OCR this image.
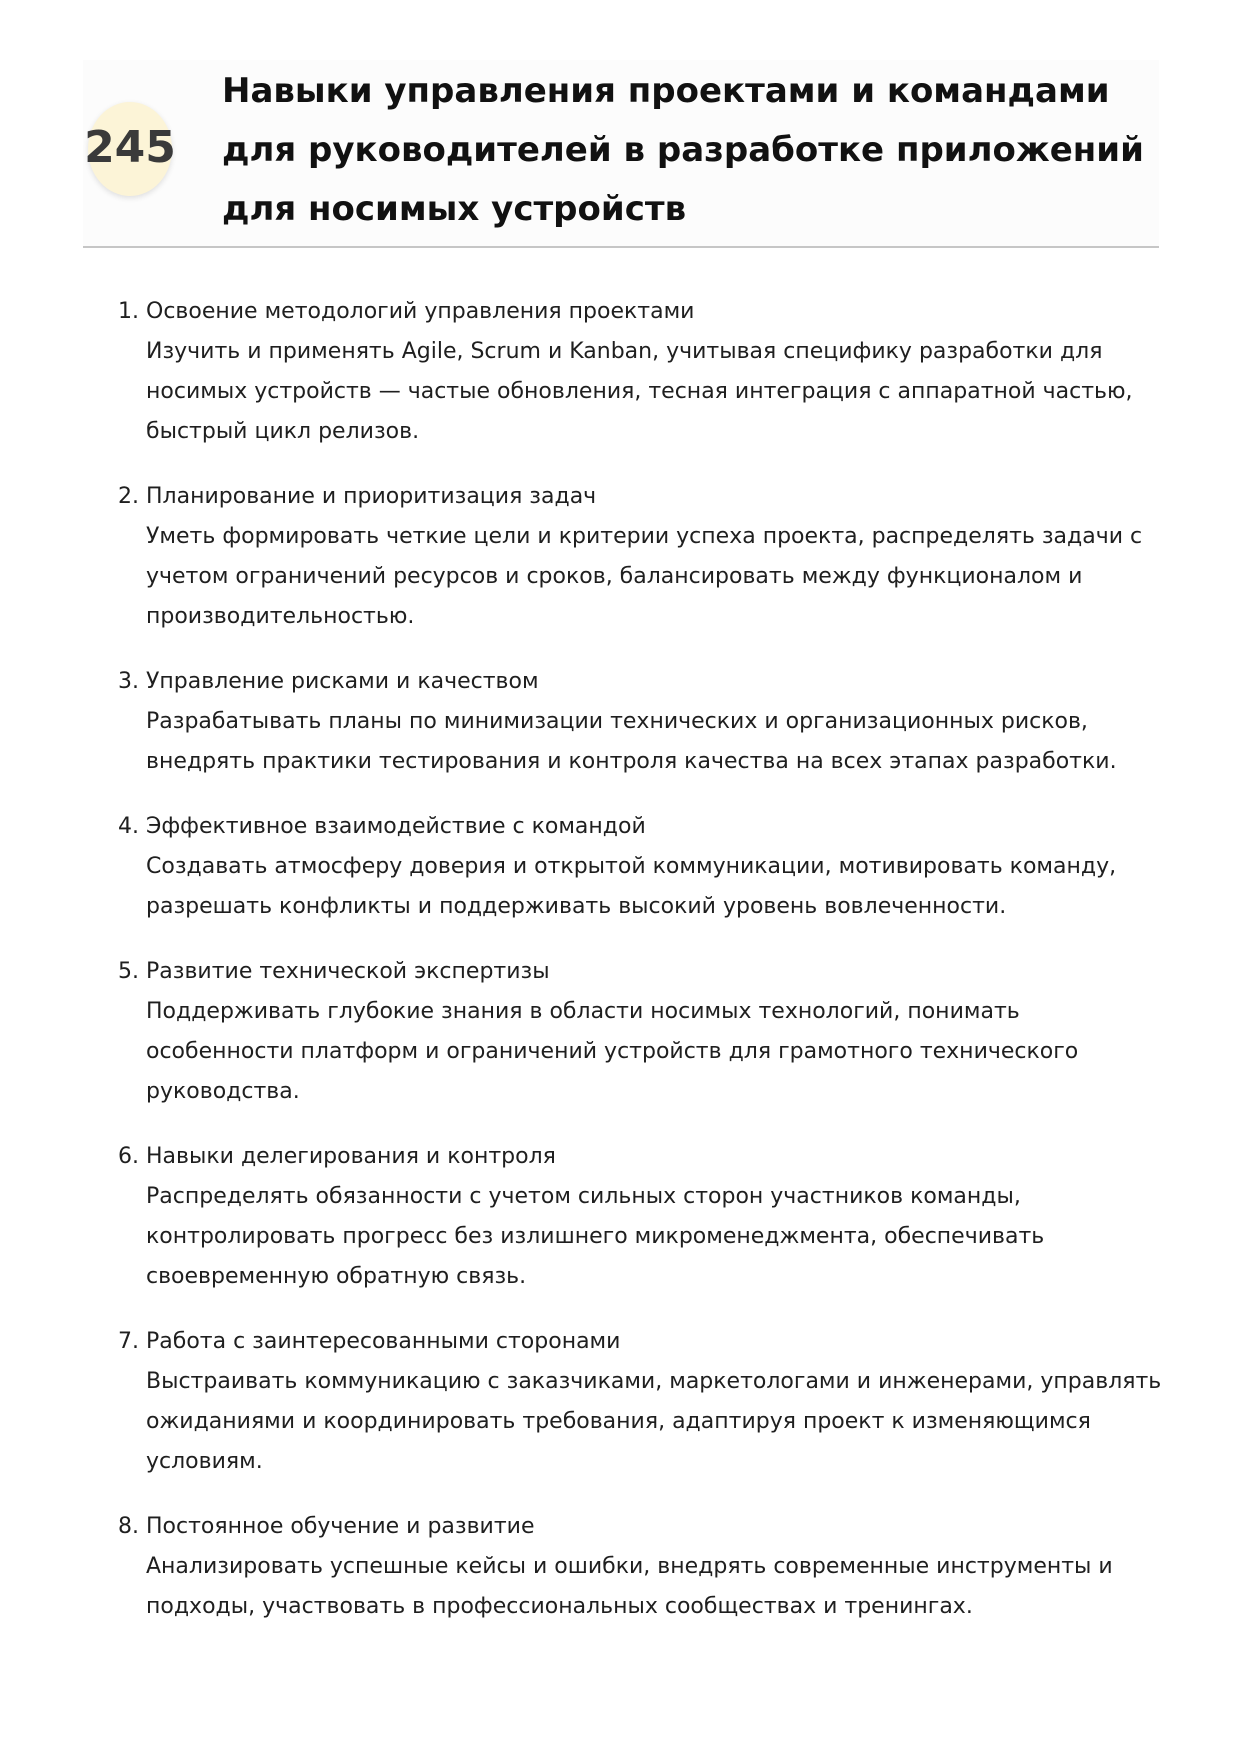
245
Навыки управления проектами и командами для руководителей в разработке приложений для носимых устройств
1. Освоение методологий управления проектами
Изучить и применять Agile, Scrum и Kanban, учитывая специфику разработки для носимых устройств — частые обновления, тесная интеграция с аппаратной частью, быстрый цикл релизов.
2. Планирование и приоритизация задач
Уметь формировать четкие цели и критерии успеха проекта, распределять задачи с учетом ограничений ресурсов и сроков, балансировать между функционалом и производительностью.
3. Управление рисками и качеством
Разрабатывать планы по минимизации технических и организационных рисков, внедрять практики тестирования и контроля качества на всех этапах разработки.
4. Эффективное взаимодействие с командой
Создавать атмосферу доверия и открытой коммуникации, мотивировать команду, разрешать конфликты и поддерживать высокий уровень вовлеченности.
5. Развитие технической экспертизы
Поддерживать глубокие знания в области носимых технологий, понимать особенности платформ и ограничений устройств для грамотного технического руководства.
6. Навыки делегирования и контроля
Распределять обязанности с учетом сильных сторон участников команды, контролировать прогресс без излишнего микроменеджмента, обеспечивать своевременную обратную связь.
7. Работа с заинтересованными сторонами
Выстраивать коммуникацию с заказчиками, маркетологами и инженерами, управлять ожиданиями и координировать требования, адаптируя проект к изменяющимся условиям.
8. Постоянное обучение и развитие
Анализировать успешные кейсы и ошибки, внедрять современные инструменты и подходы, участвовать в профессиональных сообществах и тренингах.
